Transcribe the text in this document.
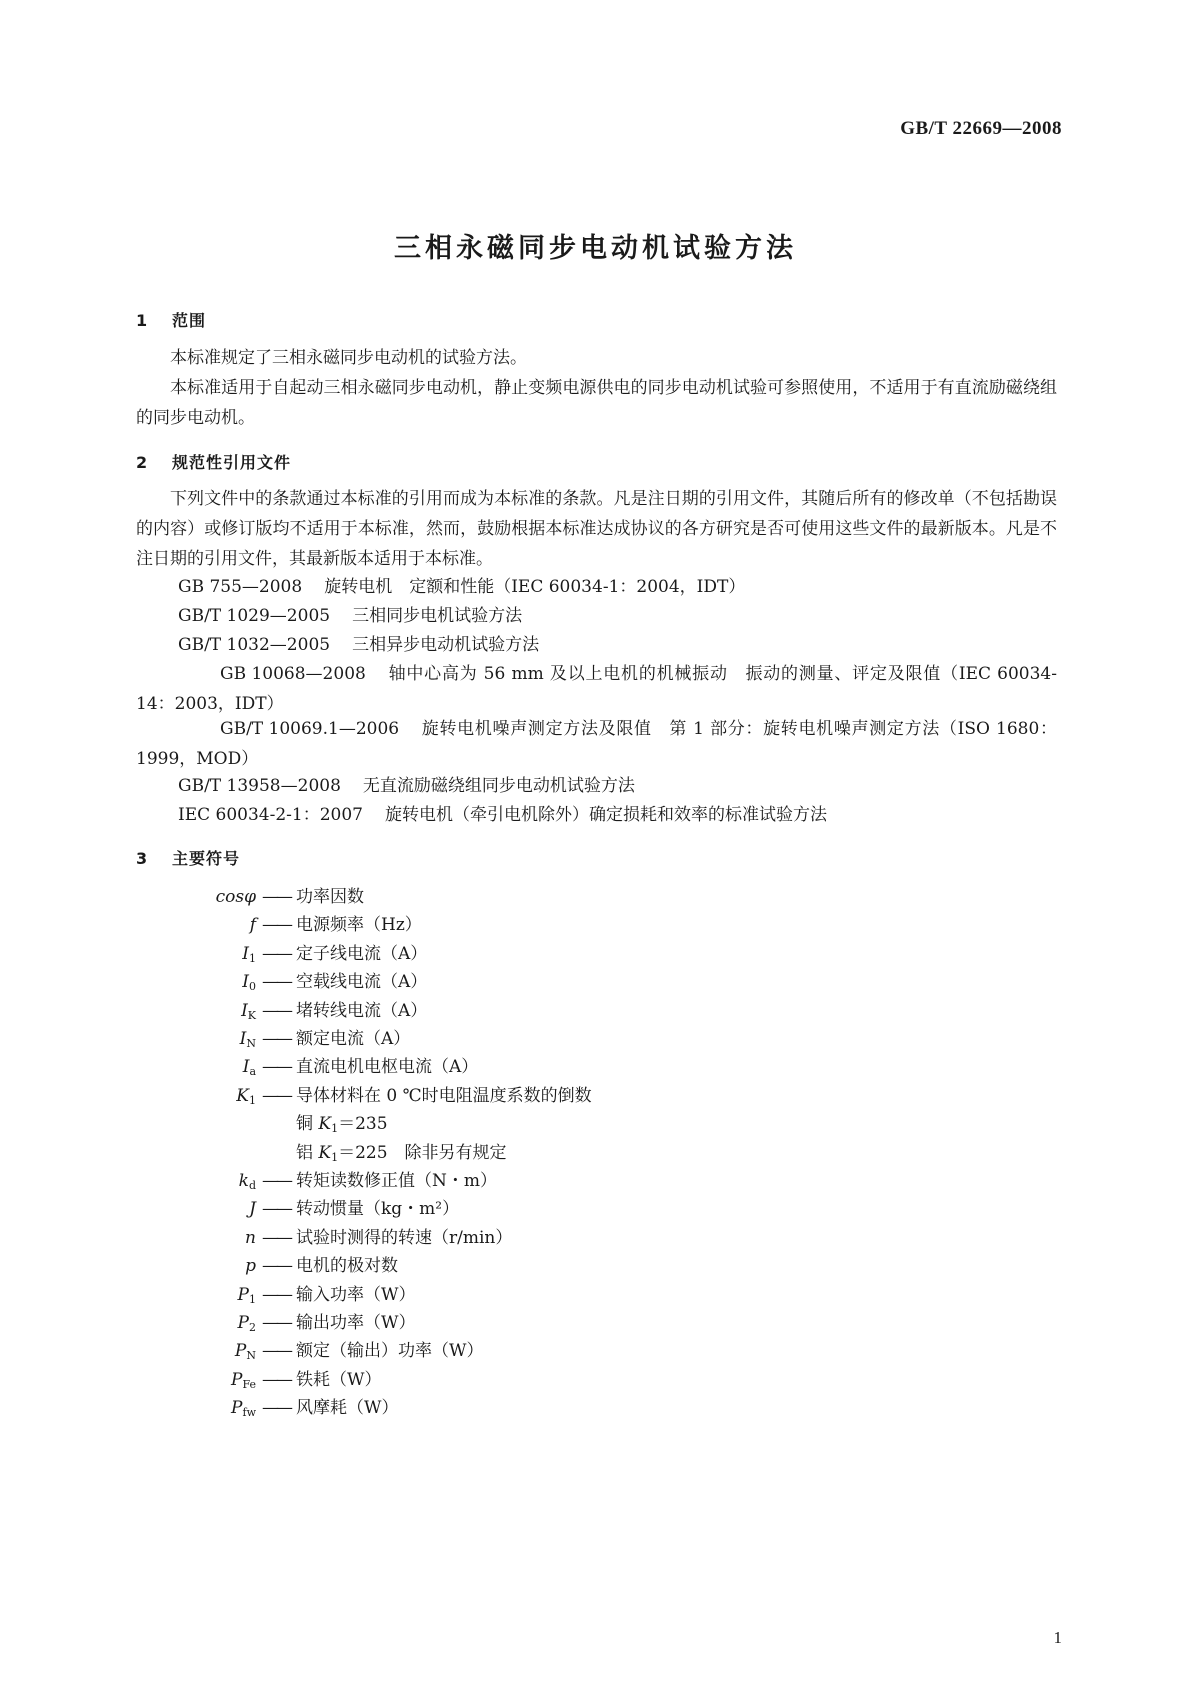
GB/T 22669—2008
三相永磁同步电动机试验方法
1 范围

本标准规定了三相永磁同步电动机的试验方法。

本标准适用于自起动三相永磁同步电动机，静止变频电源供电的同步电动机试验可参照使用，不适用于有直流励磁绕组的同步电动机。

2 规范性引用文件

下列文件中的条款通过本标准的引用而成为本标准的条款。凡是注日期的引用文件，其随后所有的修改单（不包括勘误的内容）或修订版均不适用于本标准，然而，鼓励根据本标准达成协议的各方研究是否可使用这些文件的最新版本。凡是不注日期的引用文件，其最新版本适用于本标准。

GB 755—2008 旋转电机　定额和性能（IEC 60034-1：2004，IDT）
GB/T 1029—2005 三相同步电机试验方法
GB/T 1032—2005 三相异步电动机试验方法
GB 10068—2008 轴中心高为 56 mm 及以上电机的机械振动　振动的测量、评定及限值（IEC 60034-14：2003，IDT）
GB/T 10069.1—2006 旋转电机噪声测定方法及限值　第 1 部分：旋转电机噪声测定方法（ISO 1680：1999，MOD）
GB/T 13958—2008 无直流励磁绕组同步电动机试验方法
IEC 60034-2-1：2007 旋转电机（牵引电机除外）确定损耗和效率的标准试验方法
3 主要符号
cosφ —— 功率因数
f —— 电源频率（Hz）
$I_1$ —— 定子线电流（A）
$I_0$ —— 空载线电流（A）
$I_K$ —— 堵转线电流（A）
$I_N$ —— 额定电流（A）
$I_a$ —— 直流电机电枢电流（A）
$K_1$ —— 导体材料在 0 ℃时电阻温度系数的倒数
铜 $K_1=235$
铝 $K_1=225$　除非另有规定
$k_d$ —— 转矩读数修正值（N・m）
J —— 转动惯量（kg・m²）
n —— 试验时测得的转速（r/min）
p —— 电机的极对数
$P_1$ —— 输入功率（W）
$P_2$ —— 输出功率（W）
$P_N$ —— 额定（输出）功率（W）
$P_{Fe}$ —— 铁耗（W）
$P_{fw}$ —— 风摩耗（W）
1
